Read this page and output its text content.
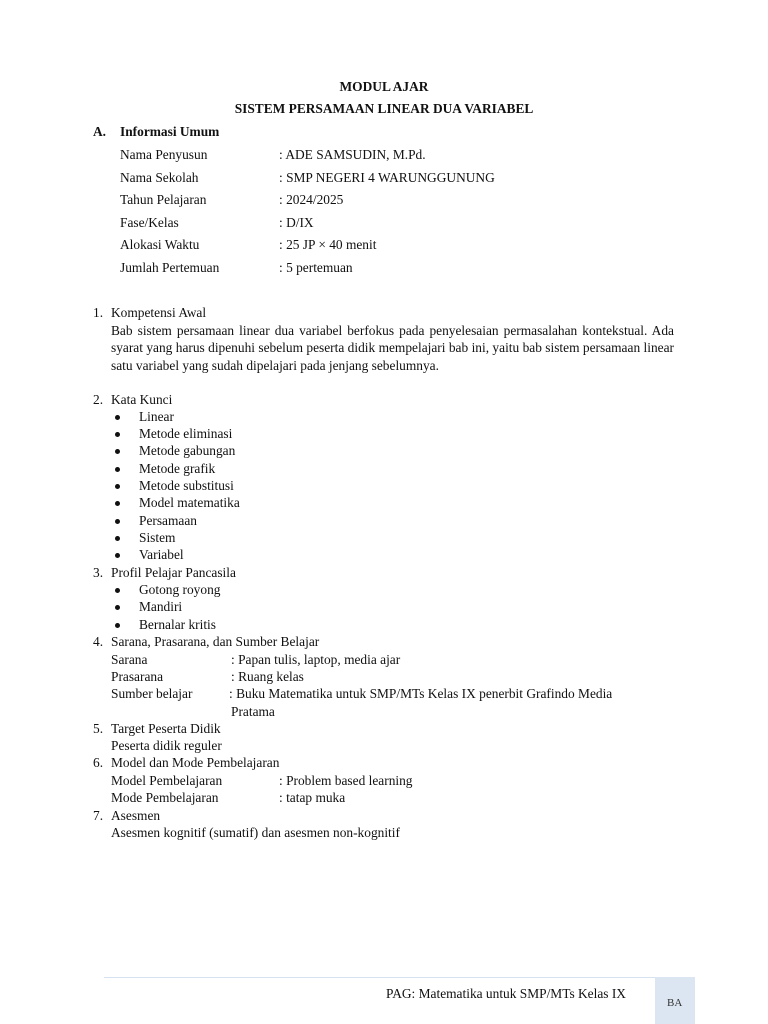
MODUL AJAR
SISTEM PERSAMAAN LINEAR DUA VARIABEL
A. Informasi Umum
Nama Penyusun	: ADE SAMSUDIN, M.Pd.
Nama Sekolah	: SMP NEGERI 4 WARUNGGUNUNG
Tahun Pelajaran	: 2024/2025
Fase/Kelas	: D/IX
Alokasi Waktu	: 25 JP × 40 menit
Jumlah Pertemuan	: 5 pertemuan
1. Kompetensi Awal
Bab sistem persamaan linear dua variabel berfokus pada penyelesaian permasalahan kontekstual. Ada syarat yang harus dipenuhi sebelum peserta didik mempelajari bab ini, yaitu bab sistem persamaan linear satu variabel yang sudah dipelajari pada jenjang sebelumnya.
2. Kata Kunci
Linear
Metode eliminasi
Metode gabungan
Metode grafik
Metode substitusi
Model matematika
Persamaan
Sistem
Variabel
3. Profil Pelajar Pancasila
Gotong royong
Mandiri
Bernalar kritis
4. Sarana, Prasarana, dan Sumber Belajar
Sarana	: Papan tulis, laptop, media ajar
Prasarana	: Ruang kelas
Sumber belajar	: Buku Matematika untuk SMP/MTs Kelas IX penerbit Grafindo Media
Pratama
5. Target Peserta Didik
Peserta didik reguler
6. Model dan Mode Pembelajaran
Model Pembelajaran	: Problem based learning
Mode Pembelajaran	: tatap muka
7. Asesmen
Asesmen kognitif (sumatif) dan asesmen non-kognitif
PAG: Matematika untuk SMP/MTs Kelas IX
BA
